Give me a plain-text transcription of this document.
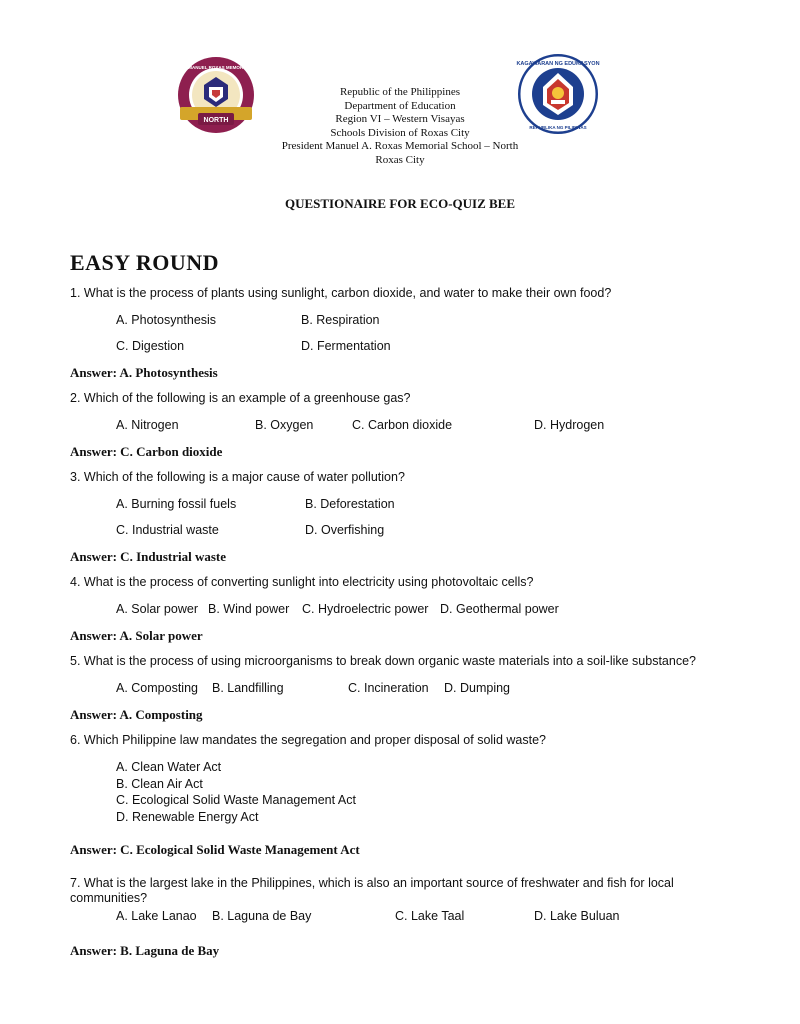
NORTH
PRESIDENT MANUEL ROXAS MEMORIAL SCHOOL
KAGAWARAN NG EDUKASYON
REPUBLIKA NG PILIPINAS
Republic of the Philippines
Department of Education
Region VI – Western Visayas
Schools Division of Roxas City
President Manuel A. Roxas Memorial School – North
Roxas City
QUESTIONAIRE FOR ECO-QUIZ BEE
EASY ROUND
1. What is the process of plants using sunlight, carbon dioxide, and water to make their own food?
A. Photosynthesis	B. Respiration
C. Digestion	D. Fermentation
Answer: A. Photosynthesis
2. Which of the following is an example of a greenhouse gas?
A. Nitrogen	B. Oxygen	C. Carbon dioxide	D. Hydrogen
Answer: C. Carbon dioxide
3. Which of the following is a major cause of water pollution?
A. Burning fossil fuels	B. Deforestation
C. Industrial waste	D. Overfishing
Answer: C. Industrial waste
4. What is the process of converting sunlight into electricity using photovoltaic cells?
A. Solar power B. Wind power C. Hydroelectric power D. Geothermal power
Answer: A. Solar power
5. What is the process of using microorganisms to break down organic waste materials into a soil-like substance?
A. Composting B. Landfilling	C. Incineration D. Dumping
Answer: A. Composting
6. Which Philippine law mandates the segregation and proper disposal of solid waste?
A. Clean Water Act
B. Clean Air Act
C. Ecological Solid Waste Management Act
D. Renewable Energy Act
Answer: C. Ecological Solid Waste Management Act
7. What is the largest lake in the Philippines, which is also an important source of freshwater and fish for local communities?
A. Lake Lanao B. Laguna de Bay	C. Lake Taal	D. Lake Buluan
Answer: B. Laguna de Bay
